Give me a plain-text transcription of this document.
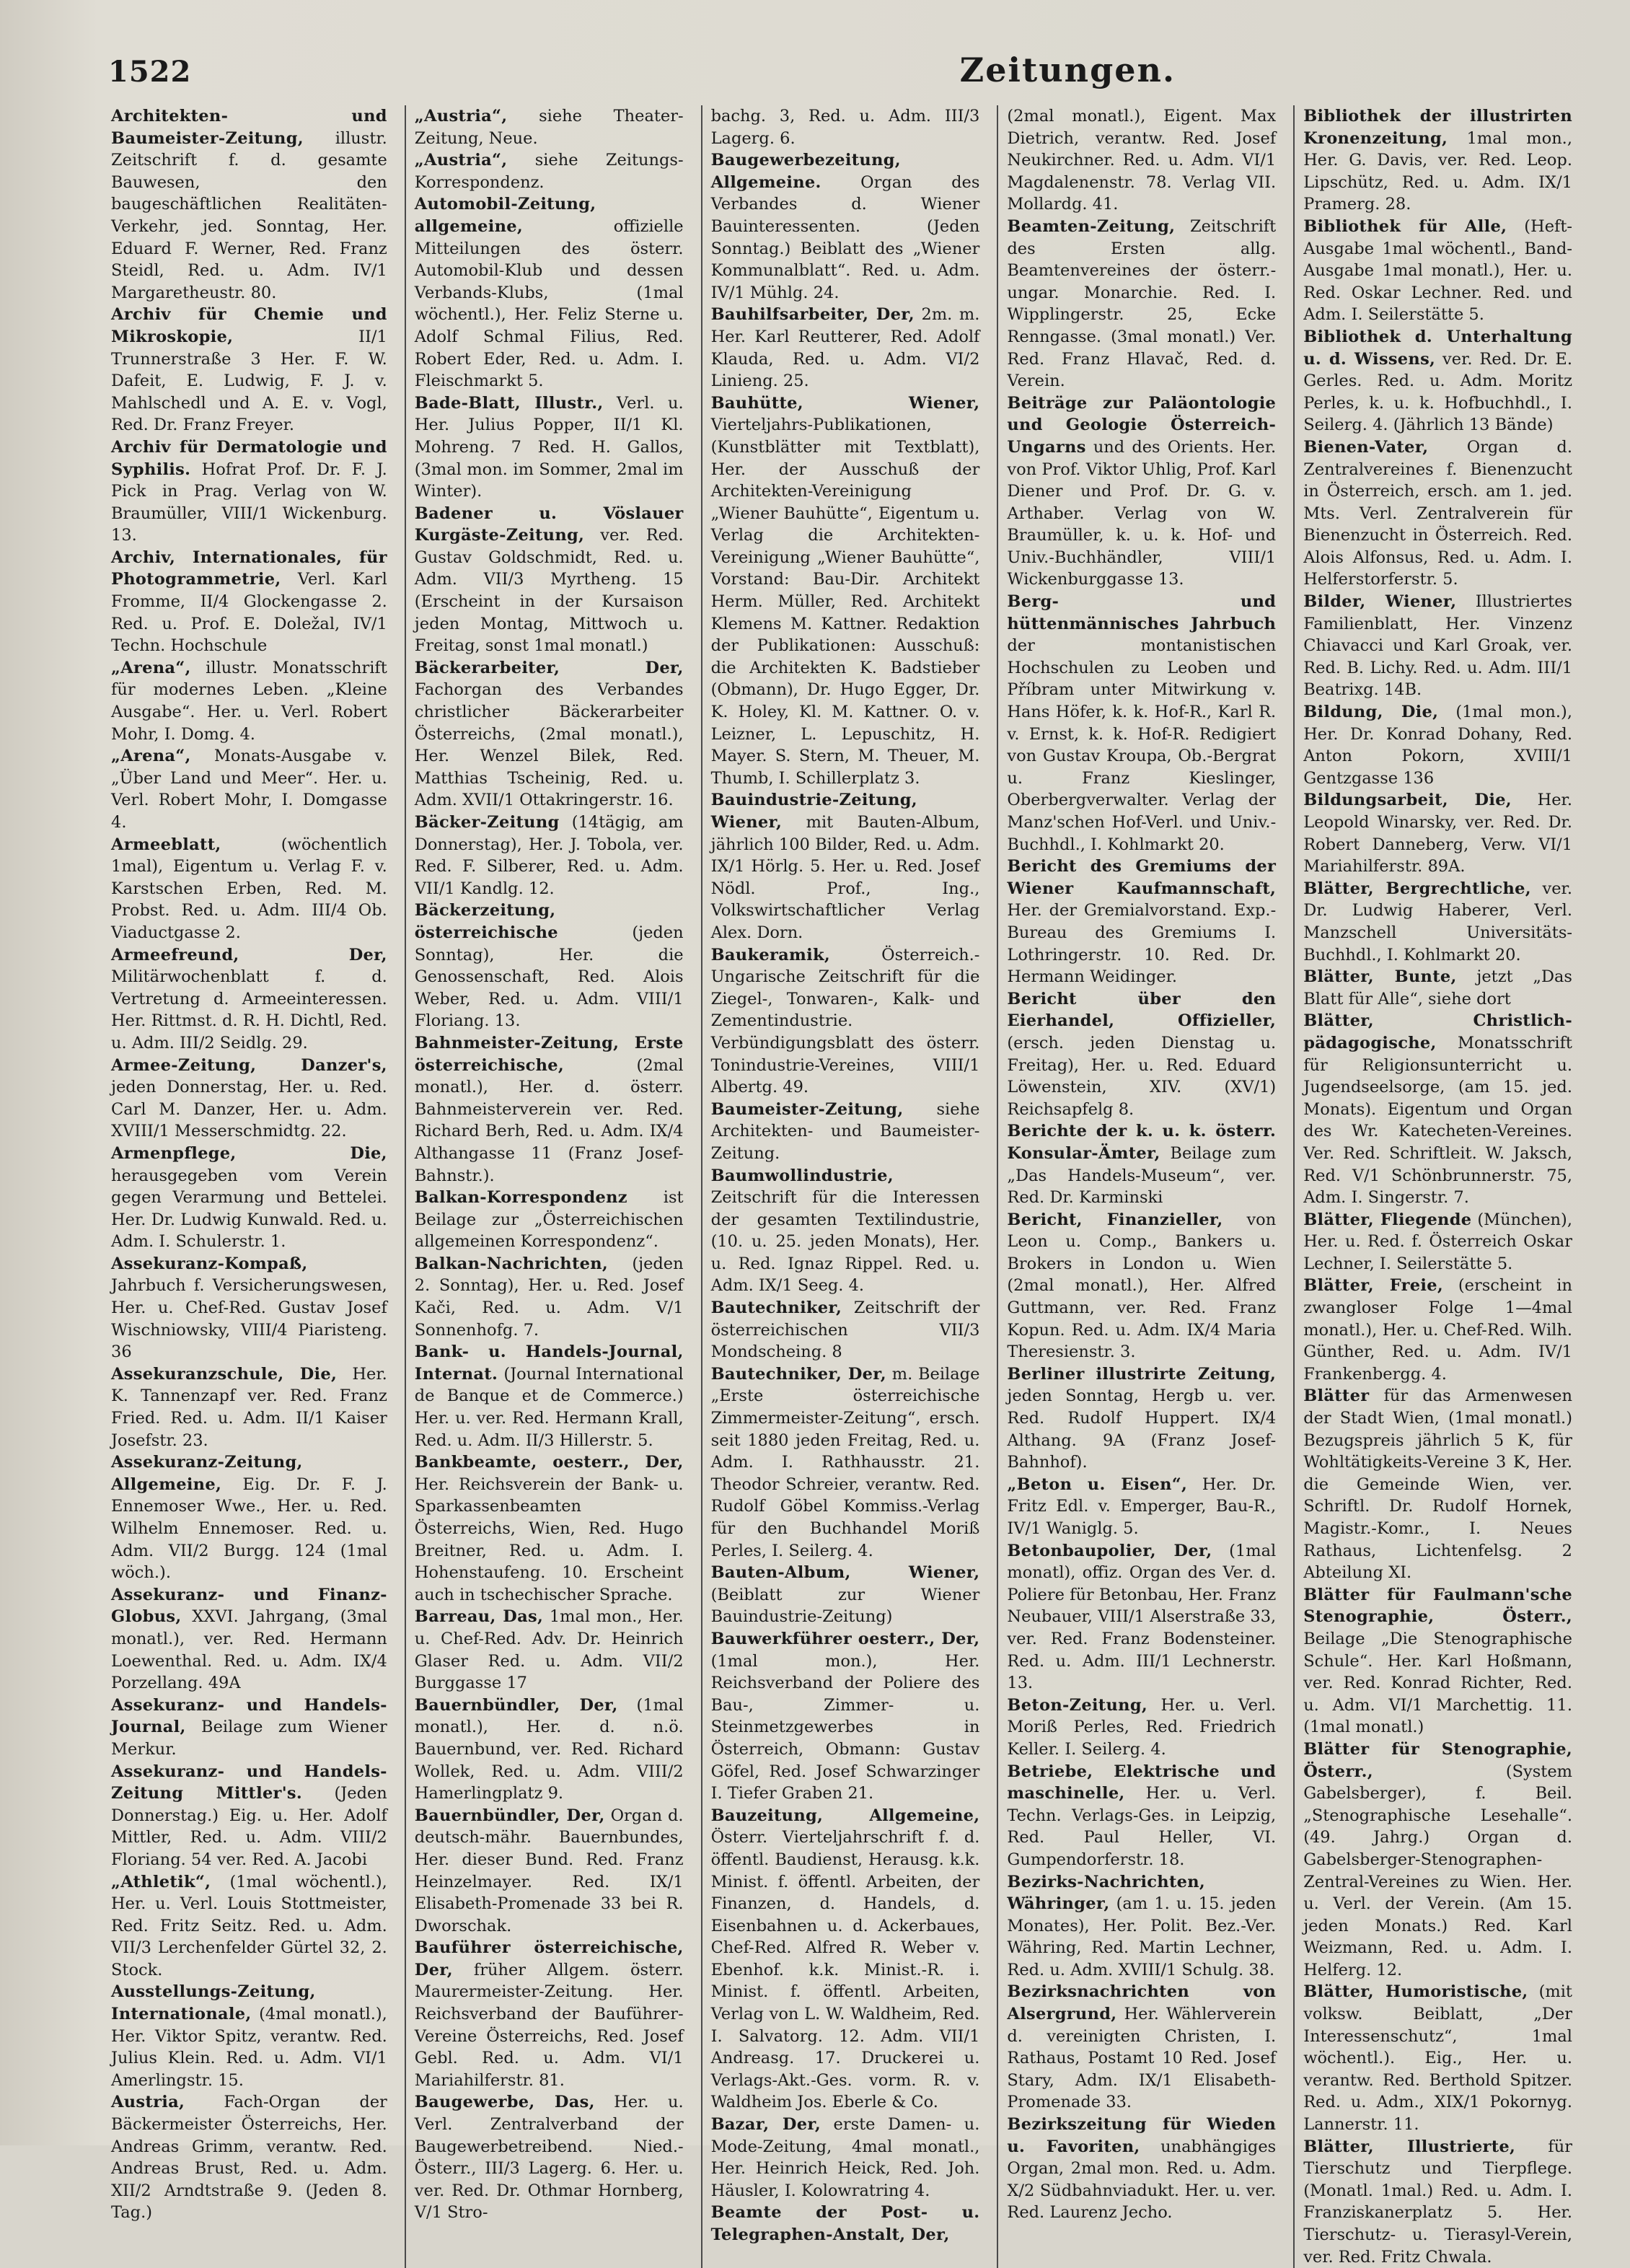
1522	Zeitungen.

Architekten- und Baumeister-Zeitung, illustr. Zeitschrift f. d. gesamte Bauwesen, den baugeschäftlichen Realitäten-Verkehr, jed. Sonntag, Her. Eduard F. Werner, Red. Franz Steidl, Red. u. Adm. IV/1 Margaretheustr. 80.

Archiv für Chemie und Mikroskopie,	II/1 Trunnerstraße 3 Her. F. W. Dafeit, E. Ludwig, F. J. v. Mahlschedl und A. E. v. Vogl, Red. Dr. Franz Freyer.

Archiv für Dermatologie und Syphilis. Hofrat Prof. Dr. F. J. Pick in Prag. Verlag von W. Braumüller, VIII/1 Wickenburg. 13.

Archiv, Internationales, für Photogrammetrie, Verl. Karl Fromme, II/4 Glockengasse 2. Red. u. Prof. E. Doležal, IV/1 Techn. Hochschule

„Arena“, illustr. Monatsschrift für modernes Leben. „Kleine Ausgabe“. Her. u. Verl. Robert Mohr, I. Domg. 4.

„Arena“, Monats-Ausgabe v. „Über Land und Meer“. Her. u. Verl. Robert Mohr, I. Domgasse 4.

Armeeblatt,	(wöchentlich 1mal), Eigentum u. Verlag F. v. Karstschen Erben, Red. M. Probst. Red. u. Adm. III/4 Ob. Viaductgasse 2.

Armeefreund, Der, Militärwochenblatt f. d. Vertretung d. Armeeinteressen. Her. Rittmst. d. R. H. Dichtl, Red. u. Adm. III/2 Seidlg. 29.

Armee-Zeitung, Danzer's, jeden Donnerstag, Her. u. Red. Carl M. Danzer, Her. u. Adm. XVIII/1 Messerschmidtg. 22.

Armenpflege, Die, herausgegeben vom Verein gegen Verarmung und Bettelei. Her. Dr. Ludwig Kunwald. Red. u. Adm. I. Schulerstr. 1.

Assekuranz-Kompaß, Jahrbuch f. Versicherungswesen, Her. u. Chef-Red. Gustav Josef Wischniowsky, VIII/4 Piaristeng. 36

Assekuranzschule, Die, Her. K. Tannenzapf ver. Red. Franz Fried. Red. u. Adm. II/1 Kaiser Josefstr. 23.

Assekuranz-Zeitung, Allgemeine, Eig. Dr. F. J. Ennemoser Wwe., Her. u. Red. Wilhelm Ennemoser. Red. u. Adm. VII/2 Burgg. 124 (1mal wöch.).

Assekuranz- und Finanz-Globus, XXVI. Jahrgang, (3mal monatl.), ver. Red. Hermann Loewenthal. Red. u. Adm. IX/4 Porzellang. 49A

Assekuranz- und Handels-Journal, Beilage zum Wiener Merkur.

Assekuranz- und Handels-Zeitung Mittler's. (Jeden Donnerstag.) Eig. u. Her. Adolf Mittler, Red. u. Adm. VIII/2 Floriang. 54 ver. Red. A. Jacobi

„Athletik“, (1mal wöchentl.), Her. u. Verl. Louis Stottmeister, Red. Fritz Seitz. Red. u. Adm. VII/3 Lerchenfelder Gürtel 32, 2. Stock.

Ausstellungs-Zeitung, Internationale, (4mal monatl.), Her. Viktor Spitz, verantw. Red. Julius Klein. Red. u. Adm. VI/1 Amerlingstr. 15.

Austria, Fach-Organ der Bäckermeister Österreichs, Her. Andreas Grimm, verantw. Red. Andreas Brust, Red. u. Adm. XII/2 Arndtstraße 9. (Jeden 8. Tag.)

„Austria“, siehe Theater-Zeitung, Neue.

„Austria“, siehe Zeitungs-Korrespondenz.

Automobil-Zeitung, allgemeine,	offizielle Mitteilungen des österr. Automobil-Klub und dessen Verbands-Klubs, (1mal wöchentl.), Her. Feliz Sterne u. Adolf Schmal Filius, Red. Robert Eder, Red. u. Adm. I. Fleischmarkt 5.

Bade-Blatt, Illustr., Verl. u. Her. Julius Popper, II/1 Kl. Mohreng. 7 Red. H. Gallos, (3mal mon. im Sommer, 2mal im Winter).

Badener u. Vöslauer Kurgäste-Zeitung, ver. Red. Gustav Goldschmidt, Red. u. Adm. VII/3 Myrtheng. 15 (Erscheint in der Kursaison jeden Montag, Mittwoch u. Freitag, sonst 1mal monatl.)

Bäckerarbeiter, Der, Fachorgan des Verbandes christlicher Bäckerarbeiter Österreichs, (2mal monatl.), Her. Wenzel Bilek, Red. Matthias Tscheinig, Red. u. Adm. XVII/1 Ottakringerstr. 16.

Bäcker-Zeitung (14tägig, am Donnerstag), Her. J. Tobola, ver. Red. F. Silberer, Red. u. Adm. VII/1 Kandlg. 12.

Bäckerzeitung, österreichische	(jeden Sonntag), Her. die Genossenschaft, Red. Alois Weber, Red. u. Adm. VIII/1 Floriang. 13.

Bahnmeister-Zeitung, Erste österreichische,	(2mal monatl.), Her. d. österr. Bahnmeisterverein ver. Red. Richard Berh, Red. u. Adm. IX/4 Althangasse 11 (Franz Josef-Bahnstr.).

Balkan-Korrespondenz ist Beilage zur „Österreichischen allgemeinen Korrespondenz“.

Balkan-Nachrichten, (jeden 2. Sonntag), Her. u. Red. Josef Kači, Red. u. Adm. V/1 Sonnenhofg. 7.

Bank- u. Handels-Journal, Internat. (Journal International de Banque et de Commerce.) Her. u. ver. Red. Hermann Krall, Red. u. Adm. II/3 Hillerstr. 5.

Bankbeamte, oesterr., Der, Her. Reichsverein der Bank- u. Sparkassenbeamten Österreichs, Wien, Red. Hugo Breitner, Red. u. Adm. I. Hohenstaufeng. 10. Erscheint auch in tschechischer Sprache.

Barreau, Das, 1mal mon., Her. u. Chef-Red. Adv. Dr. Heinrich Glaser Red. u. Adm. VII/2 Burggasse 17

Bauernbündler, Der, (1mal monatl.), Her. d. n.ö. Bauernbund, ver. Red. Richard Wollek, Red. u. Adm. VIII/2 Hamerlingplatz 9.

Bauernbündler, Der, Organ d. deutsch-mähr. Bauernbundes, Her. dieser Bund. Red. Franz Heinzelmayer. Red. IX/1 Elisabeth-Promenade 33 bei R. Dworschak.

Bauführer österreichische, Der, früher Allgem. österr. Maurermeister-Zeitung. Her. Reichsverband der Bauführer-Vereine Österreichs, Red. Josef Gebl. Red. u. Adm. VI/1 Mariahilferstr. 81.

Baugewerbe, Das, Her. u. Verl. Zentralverband der Baugewerbetreibend. Nied.-Österr., III/3 Lagerg. 6. Her. u. ver. Red. Dr. Othmar Hornberg, V/1 Stro-

bachg. 3, Red. u. Adm. III/3 Lagerg. 6.

Baugewerbezeitung, Allgemeine. Organ des Verbandes d. Wiener Bauinteressenten. (Jeden Sonntag.) Beiblatt des „Wiener Kommunalblatt“. Red. u. Adm. IV/1 Mühlg. 24.

Bauhilfsarbeiter, Der, 2m. m. Her. Karl Reutterer, Red. Adolf Klauda, Red. u. Adm. VI/2 Linieng. 25.

Bauhütte, Wiener, Vierteljahrs-Publikationen, (Kunstblätter mit Textblatt), Her. der Ausschuß der Architekten-Vereinigung „Wiener Bauhütte“, Eigentum u. Verlag die Architekten-Vereinigung „Wiener Bauhütte“, Vorstand: Bau-Dir. Architekt Herm. Müller, Red. Architekt Klemens M. Kattner. Redaktion der Publikationen: Ausschuß: die Architekten K. Badstieber (Obmann), Dr. Hugo Egger, Dr. K. Holey, Kl. M. Kattner. O. v. Leizner, L. Lepuschitz, H. Mayer. S. Stern, M. Theuer, M. Thumb, I. Schillerplatz 3.

Bauindustrie-Zeitung, Wiener, mit Bauten-Album, jährlich 100 Bilder, Red. u. Adm. IX/1 Hörlg. 5. Her. u. Red. Josef Nödl. Prof., Ing., Volkswirtschaftlicher Verlag Alex. Dorn.

Baukeramik,	Österreich.-Ungarische Zeitschrift für die Ziegel-, Tonwaren-, Kalk- und Zementindustrie. Verbündigungsblatt des österr. Tonindustrie-Vereines, VIII/1 Albertg. 49.

Baumeister-Zeitung, siehe Architekten- und Baumeister-Zeitung.

Baumwollindustrie, Zeitschrift für die Interessen der gesamten Textilindustrie, (10. u. 25. jeden Monats), Her. u. Red. Ignaz Rippel. Red. u. Adm. IX/1 Seeg. 4.

Bautechniker, Zeitschrift der österreichischen VII/3 Mondscheing. 8

Bautechniker, Der, m. Beilage „Erste österreichische Zimmermeister-Zeitung“, ersch. seit 1880 jeden Freitag, Red. u. Adm. I. Rathhausstr. 21. Theodor Schreier, verantw. Red. Rudolf Göbel Kommiss.-Verlag für den Buchhandel Moriß Perles, I. Seilerg. 4.

Bauten-Album, Wiener, (Beiblatt zur Wiener Bauindustrie-Zeitung)

Bauwerkführer oesterr., Der, (1mal mon.), Her. Reichsverband der Poliere des Bau-, Zimmer- u. Steinmetzgewerbes in Österreich, Obmann: Gustav Göfel, Red. Josef Schwarzinger I. Tiefer Graben 21.

Bauzeitung, Allgemeine, Österr. Vierteljahrschrift f. d. öffentl. Baudienst, Herausg. k.k. Minist. f. öffentl. Arbeiten, der Finanzen, d. Handels, d. Eisenbahnen u. d. Ackerbaues, Chef-Red. Alfred R. Weber v. Ebenhof. k.k. Minist.-R. i. Minist. f. öffentl. Arbeiten, Verlag von L. W. Waldheim, Red. I. Salvatorg. 12. Adm. VII/1 Andreasg. 17. Druckerei u. Verlags-Akt.-Ges. vorm. R. v. Waldheim Jos. Eberle & Co.

Bazar, Der, erste Damen- u. Mode-Zeitung, 4mal monatl., Her. Heinrich Heick, Red. Joh. Häusler, I. Kolowratring 4.

Beamte der Post- u. Telegraphen-Anstalt, Der,

(2mal monatl.), Eigent. Max Dietrich, verantw. Red. Josef Neukirchner. Red. u. Adm. VI/1 Magdalenenstr. 78. Verlag VII. Mollardg. 41.

Beamten-Zeitung, Zeitschrift des Ersten allg. Beamtenvereines der österr.-ungar. Monarchie. Red. I. Wipplingerstr. 25, Ecke Renngasse. (3mal monatl.) Ver. Red. Franz Hlavač, Red. d. Verein.

Beiträge zur Paläontologie und Geologie Österreich-Ungarns und des Orients. Her. von Prof. Viktor Uhlig, Prof. Karl Diener und Prof. Dr. G. v. Arthaber. Verlag von W. Braumüller, k. u. k. Hof- und Univ.-Buchhändler, VIII/1 Wickenburggasse 13.

Berg- und hüttenmännisches Jahrbuch der montanistischen Hochschulen zu Leoben und Příbram unter Mitwirkung v. Hans Höfer, k. k. Hof-R., Karl R. v. Ernst, k. k. Hof-R. Redigiert von Gustav Kroupa, Ob.-Bergrat u. Franz Kieslinger, Oberbergverwalter. Verlag der Manz'schen Hof-Verl. und Univ.-Buchhdl., I. Kohlmarkt 20.

Bericht des Gremiums der Wiener Kaufmannschaft, Her. der Gremialvorstand. Exp.-Bureau des Gremiums I. Lothringerstr. 10. Red. Dr. Hermann Weidinger.

Bericht über den Eierhandel, Offizieller, (ersch. jeden Dienstag u. Freitag), Her. u. Red. Eduard Löwenstein, XIV. (XV/1) Reichsapfelg 8.

Berichte der k. u. k. österr. Konsular-Ämter, Beilage zum „Das Handels-Museum“, ver. Red. Dr. Karminski

Bericht, Finanzieller, von Leon u. Comp., Bankers u. Brokers in London u. Wien (2mal monatl.), Her. Alfred Guttmann, ver. Red. Franz Kopun. Red. u. Adm. IX/4 Maria Theresienstr. 3.

Berliner illustrirte Zeitung, jeden Sonntag, Hergb u. ver. Red. Rudolf Huppert. IX/4 Althang. 9A (Franz Josef-Bahnhof).

„Beton u. Eisen“, Her. Dr. Fritz Edl. v. Emperger, Bau-R., IV/1 Waniglg. 5.

Betonbaupolier, Der, (1mal monatl), offiz. Organ des Ver. d. Poliere für Betonbau, Her. Franz Neubauer, VIII/1 Alserstraße 33, ver. Red. Franz Bodensteiner. Red. u. Adm. III/1 Lechnerstr. 13.

Beton-Zeitung, Her. u. Verl. Moriß Perles, Red. Friedrich Keller. I. Seilerg. 4.

Betriebe, Elektrische und maschinelle, Her. u. Verl. Techn. Verlags-Ges. in Leipzig, Red. Paul Heller, VI. Gumpendorferstr. 18.

Bezirks-Nachrichten, Währinger, (am 1. u. 15. jeden Monates), Her. Polit. Bez.-Ver. Währing, Red. Martin Lechner, Red. u. Adm. XVIII/1 Schulg. 38.

Bezirksnachrichten von Alsergrund, Her. Wählerverein d. vereinigten Christen, I. Rathaus, Postamt 10 Red. Josef Stary, Adm. IX/1 Elisabeth-Promenade 33.

Bezirkszeitung für Wieden u. Favoriten, unabhängiges Organ, 2mal mon. Red. u. Adm. X/2 Südbahnviadukt. Her. u. ver. Red. Laurenz Jecho.

Bibliothek der illustrirten Kronenzeitung, 1mal mon., Her. G. Davis, ver. Red. Leop. Lipschütz, Red. u. Adm. IX/1 Pramerg. 28.

Bibliothek für Alle, (Heft-Ausgabe 1mal wöchentl., Band-Ausgabe 1mal monatl.), Her. u. Red. Oskar Lechner. Red. und Adm. I. Seilerstätte 5.

Bibliothek d. Unterhaltung u. d. Wissens, ver. Red. Dr. E. Gerles. Red. u. Adm. Moritz Perles, k. u. k. Hofbuchhdl., I. Seilerg. 4. (Jährlich 13 Bände)

Bienen-Vater, Organ d. Zentralvereines f. Bienenzucht in Österreich, ersch. am 1. jed. Mts. Verl. Zentralverein für Bienenzucht in Österreich. Red. Alois Alfonsus, Red. u. Adm. I. Helferstorferstr. 5.

Bilder, Wiener, Illustriertes Familienblatt, Her. Vinzenz Chiavacci und Karl Groak, ver. Red. B. Lichy. Red. u. Adm. III/1 Beatrixg. 14B.

Bildung, Die, (1mal mon.), Her. Dr. Konrad Dohany, Red. Anton Pokorn, XVIII/1 Gentzgasse 136

Bildungsarbeit, Die, Her. Leopold Winarsky, ver. Red. Dr. Robert Danneberg, Verw. VI/1 Mariahilferstr. 89A.

Blätter, Bergrechtliche, ver. Dr. Ludwig Haberer, Verl. Manzschell Universitäts-Buchhdl., I. Kohlmarkt 20.

Blätter, Bunte, jetzt „Das Blatt für Alle“, siehe dort

Blätter, Christlich-pädagogische, Monatsschrift für Religionsunterricht u. Jugendseelsorge, (am 15. jed. Monats). Eigentum und Organ des Wr. Katecheten-Vereines. Ver. Red. Schriftleit. W. Jaksch, Red. V/1 Schönbrunnerstr. 75, Adm. I. Singerstr. 7.

Blätter, Fliegende (München), Her. u. Red. f. Österreich Oskar Lechner, I. Seilerstätte 5.

Blätter, Freie, (erscheint in zwangloser Folge 1—4mal monatl.), Her. u. Chef-Red. Wilh. Günther, Red. u. Adm. IV/1 Frankenbergg. 4.

Blätter für das Armenwesen der Stadt Wien, (1mal monatl.) Bezugspreis jährlich 5 K, für Wohltätigkeits-Vereine 3 K, Her. die Gemeinde Wien, ver. Schriftl. Dr. Rudolf Hornek, Magistr.-Komr., I. Neues Rathaus, Lichtenfelsg. 2 Abteilung XI.

Blätter für Faulmann'sche Stenographie, Österr., Beilage „Die Stenographische Schule“. Her. Karl Hoßmann, ver. Red. Konrad Richter, Red. u. Adm. VI/1 Marchettig. 11. (1mal monatl.)

Blätter für Stenographie, Österr.,	(System Gabelsberger), f. Beil. „Stenographische Lesehalle“. (49. Jahrg.) Organ d. Gabelsberger-Stenographen-Zentral-Vereines zu Wien. Her. u. Verl. der Verein. (Am 15. jeden Monats.) Red. Karl Weizmann, Red. u. Adm. I. Helferg. 12.

Blätter, Humoristische, (mit volksw. Beiblatt, „Der Interessenschutz“, 1mal wöchentl.). Eig., Her. u. verantw. Red. Berthold Spitzer. Red. u. Adm., XIX/1 Pokornyg. Lannerstr. 11.

Blätter, Illustrierte, für Tierschutz und Tierpflege. (Monatl. 1mal.) Red. u. Adm. I. Franziskanerplatz 5. Her. Tierschutz- u. Tierasyl-Verein, ver. Red. Fritz Chwala.
